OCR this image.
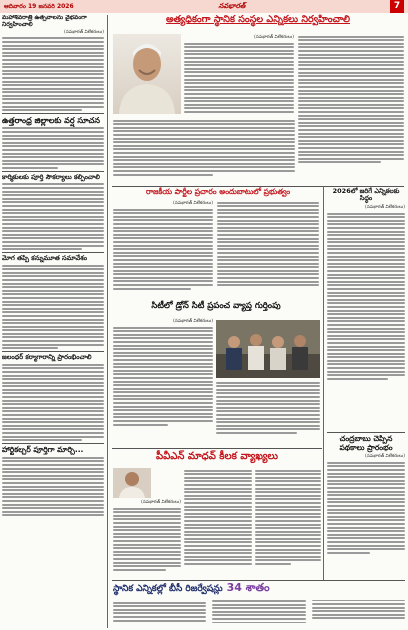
ఆదివారం 19 జనవరి 2026	నవభారత్	7
మహాశివరాత్రి ఉత్సవాలను వైభవంగా నిర్వహించాలి
(నవభారత్ విలేకరులు)
ఉత్తరాంధ్ర జిల్లాలకు వర్ష సూచన
కార్మికులకు పూర్తి సౌకర్యాలు కల్పించాలి
మోగ తప్పి కన్నుమూత సమావేశం
జలంధర్ కర్మాగారాన్ని ప్రారంభించాలి
హార్టికల్చర్ పూర్తిగా మార్చి...
అత్యధికంగా స్థానిక సంస్థల ఎన్నికలు నిర్వహించాలి
(నవభారత్ విలేకరులు)
రాజకీయ పార్టీల ప్రచారం అందుబాటులో ప్రభుత్వం
(నవభారత్ విలేకరులు)
సిటీలో డ్రోన్ సిటీ ప్రపంచ వ్యాప్త గుర్తింపు
(నవభారత్ విలేకరులు)
2026లో జరిగే ఎన్నికలకు సిద్ధం
(నవభారత్ విలేకరులు)
చంద్రబాబు చెప్పిన పథకాలు ప్రారంభం
(నవభారత్ విలేకరులు)
పీవీఎన్ మాధవ్ కీలక వ్యాఖ్యలు
(నవభారత్ విలేకరులు)
స్థానిక ఎన్నికల్లో బీసీ రిజర్వేషన్లు 34 శాతం
